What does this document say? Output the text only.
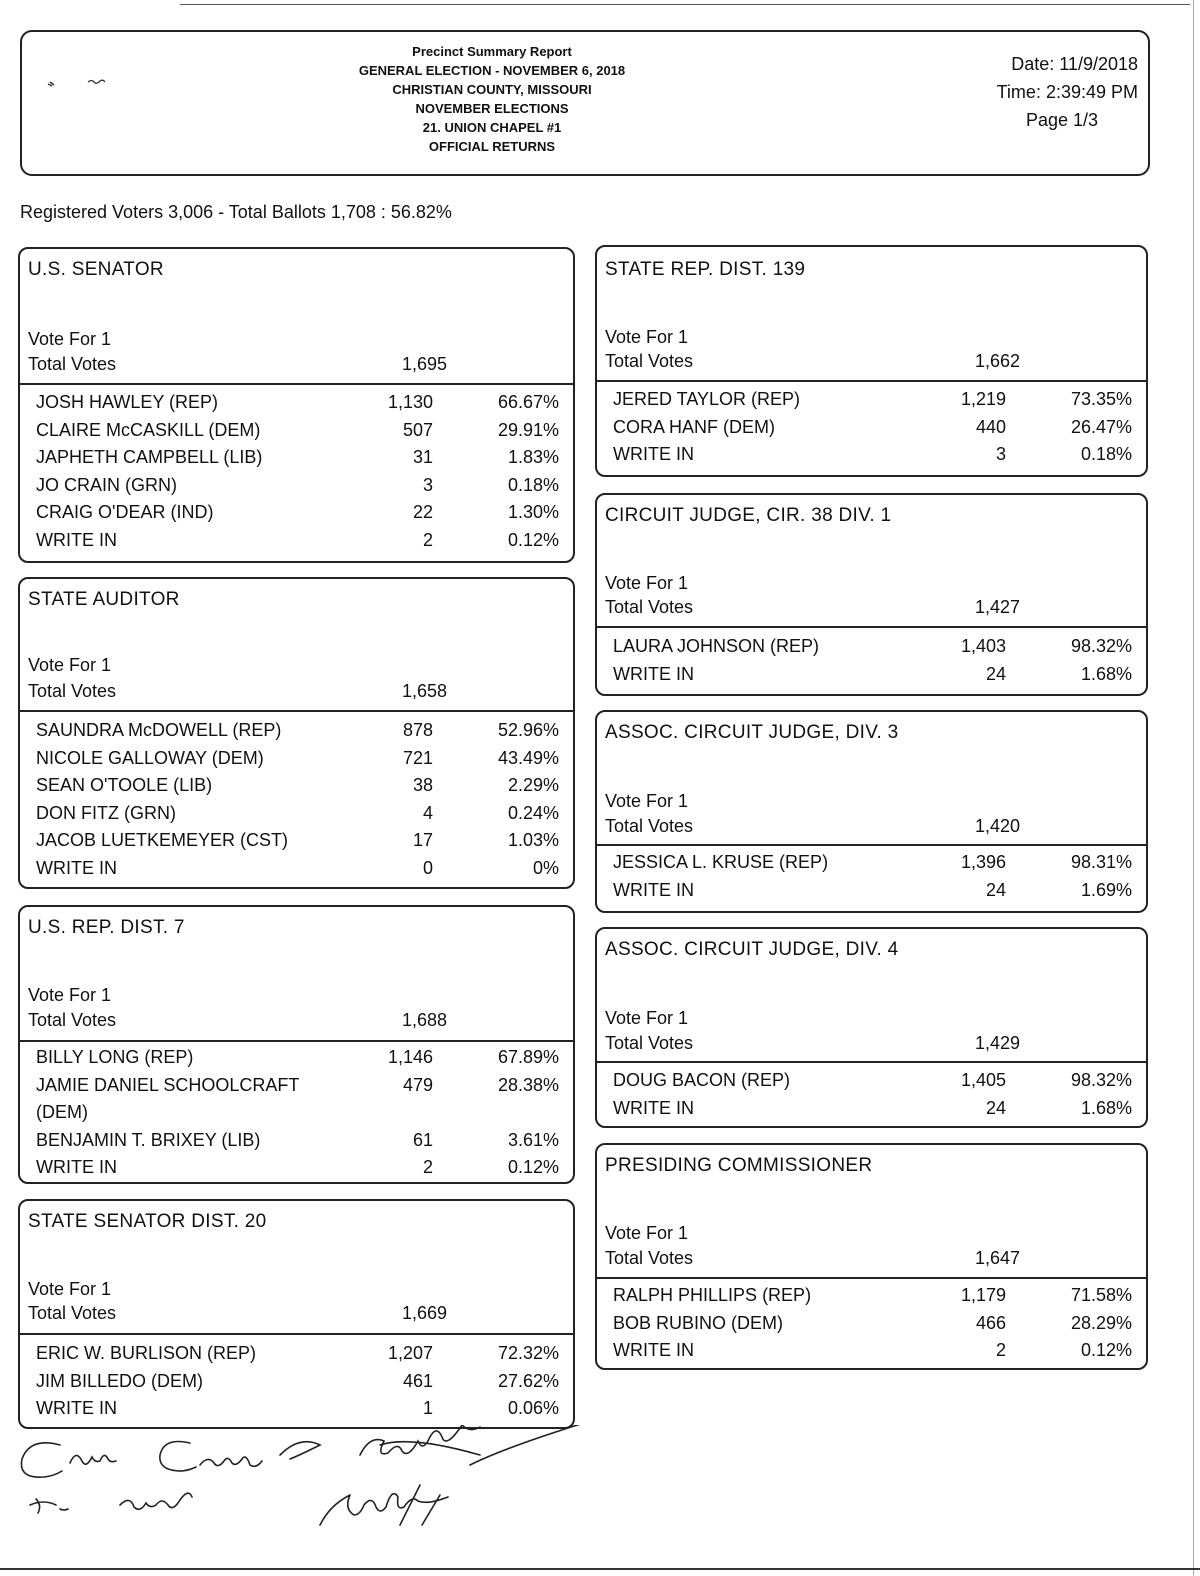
Precinct Summary Report
GENERAL ELECTION - NOVEMBER 6, 2018
CHRISTIAN COUNTY, MISSOURI
NOVEMBER ELECTIONS
21. UNION CHAPEL #1
OFFICIAL RETURNS
Date: 11/9/2018
Time: 2:39:49 PM
Page 1/3
Registered Voters 3,006 - Total Ballots 1,708 : 56.82%
U.S. SENATOR
Vote For 1
Total Votes	1,695
JOSH HAWLEY (REP)	1,130	66.67%
CLAIRE McCASKILL (DEM)	507	29.91%
JAPHETH CAMPBELL (LIB)	31	1.83%
JO CRAIN (GRN)	3	0.18%
CRAIG O'DEAR (IND)	22	1.30%
WRITE IN	2	0.12%
STATE AUDITOR
Vote For 1
Total Votes	1,658
SAUNDRA McDOWELL (REP)	878	52.96%
NICOLE GALLOWAY (DEM)	721	43.49%
SEAN O'TOOLE (LIB)	38	2.29%
DON FITZ (GRN)	4	0.24%
JACOB LUETKEMEYER (CST)	17	1.03%
WRITE IN	0	0%
U.S. REP. DIST. 7
Vote For 1
Total Votes	1,688
BILLY LONG (REP)	1,146	67.89%
JAMIE DANIEL SCHOOLCRAFT	479	28.38%
(DEM)
BENJAMIN T. BRIXEY (LIB)	61	3.61%
WRITE IN	2	0.12%
STATE SENATOR DIST. 20
Vote For 1
Total Votes	1,669
ERIC W. BURLISON (REP)	1,207	72.32%
JIM BILLEDO (DEM)	461	27.62%
WRITE IN	1	0.06%
STATE REP. DIST. 139
Vote For 1
Total Votes	1,662
JERED TAYLOR (REP)	1,219	73.35%
CORA HANF (DEM)	440	26.47%
WRITE IN	3	0.18%
CIRCUIT JUDGE, CIR. 38 DIV. 1
Vote For 1
Total Votes	1,427
LAURA JOHNSON (REP)	1,403	98.32%
WRITE IN	24	1.68%
ASSOC. CIRCUIT JUDGE, DIV. 3
Vote For 1
Total Votes	1,420
JESSICA L. KRUSE (REP)	1,396	98.31%
WRITE IN	24	1.69%
ASSOC. CIRCUIT JUDGE, DIV. 4
Vote For 1
Total Votes	1,429
DOUG BACON (REP)	1,405	98.32%
WRITE IN	24	1.68%
PRESIDING COMMISSIONER
Vote For 1
Total Votes	1,647
RALPH PHILLIPS (REP)	1,179	71.58%
BOB RUBINO (DEM)	466	28.29%
WRITE IN	2	0.12%
